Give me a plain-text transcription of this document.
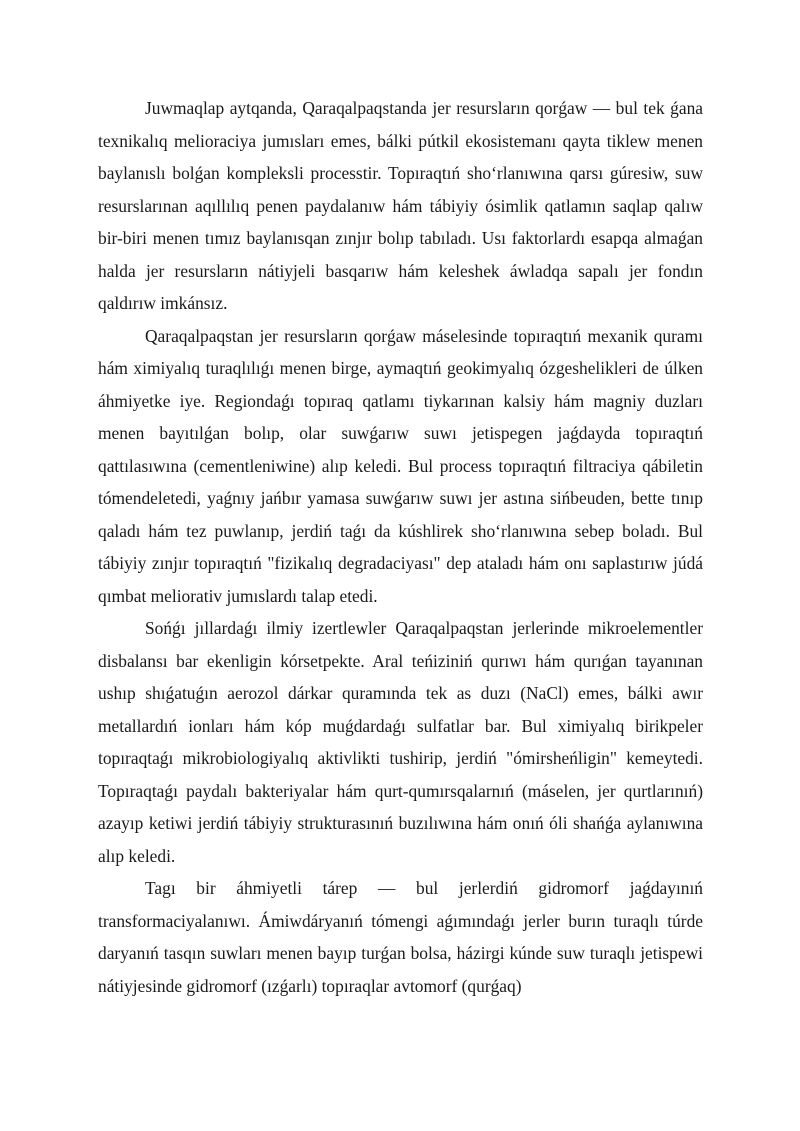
Juwmaqlap aytqanda, Qaraqalpaqstanda jer resursların qorǵaw — bul tek ǵana texnikalıq melioraciya jumısları emes, bálki pútkil ekosistemanı qayta tiklew menen baylanıslı bolǵan kompleksli processtir. Topıraqtıń sho‘rlanıwına qarsı gúresiw, suw resurslarınan aqıllılıq penen paydalanıw hám tábiyiy ósimlik qatlamın saqlap qalıw bir-biri menen tımız baylanısqan zınjır bolıp tabıladı. Usı faktorlardı esapqa almaǵan halda jer resursların nátiyjeli basqarıw hám keleshek áwladqa sapalı jer fondın qaldırıw imkánsız.

Qaraqalpaqstan jer resursların qorǵaw máselesinde topıraqtıń mexanik quramı hám ximiyalıq turaqlılıǵı menen birge, aymaqtıń geokimyalıq ózgeshelikleri de úlken áhmiyetke iye. Regiondaǵı topıraq qatlamı tiykarınan kalsiy hám magniy duzları menen bayıtılǵan bolıp, olar suwǵarıw suwı jetispegen jaǵdayda topıraqtıń qattılasıwına (cementleniwine) alıp keledi. Bul process topıraqtıń filtraciya qábiletin tómendeletedi, yaǵnıy jańbır yamasa suwǵarıw suwı jer astına sińbeuden, bette tınıp qaladı hám tez puwlanıp, jerdiń taǵı da kúshlirek sho‘rlanıwına sebep boladı. Bul tábiyiy zınjır topıraqtıń "fizikalıq degradaciyası" dep ataladı hám onı saplastırıw júdá qımbat meliorativ jumıslardı talap etedi.

Sońǵı jıllardaǵı ilmiy izertlewler Qaraqalpaqstan jerlerinde mikroelementler disbalansı bar ekenligin kórsetpekte. Aral teńiziniń qurıwı hám qurıǵan tayanınan ushıp shıǵatuǵın aerozol dárkar quramında tek as duzı (NaCl) emes, bálki awır metallardıń ionları hám kóp muǵdardaǵı sulfatlar bar. Bul ximiyalıq birikpeler topıraqtaǵı mikrobiologiyalıq aktivlikti tushirip, jerdiń "ómirsheńligin" kemeytedi. Topıraqtaǵı paydalı bakteriyalar hám qurt-qumırsqalarnıń (máselen, jer qurtlarınıń) azayıp ketiwi jerdiń tábiyiy strukturasınıń buzılıwına hám onıń óli shańǵa aylanıwına alıp keledi.

Tagı bir áhmiyetli tárep — bul jerlerdiń gidromorf jaǵdayınıń transformaciyalanıwı. Ámiwdáryanıń tómengi aǵımındaǵı jerler burın turaqlı túrde daryanıń tasqın suwları menen bayıp turǵan bolsa, házirgi kúnde suw turaqlı jetispewi nátiyjesinde gidromorf (ızǵarlı) topıraqlar avtomorf (qurǵaq)
